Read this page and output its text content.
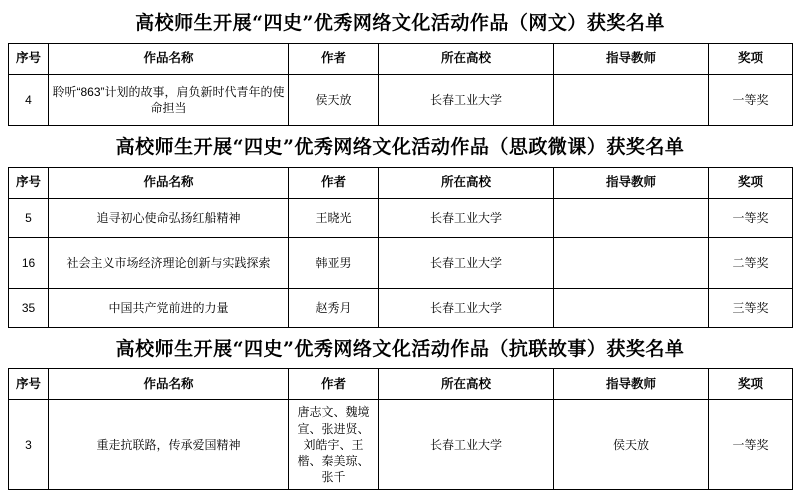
高校师生开展“四史”优秀网络文化活动作品（网文）获奖名单
序号	作品名称	作者	所在高校	指导教师	奖项
4	聆听“863”计划的故事，肩负新时代青年的使命担当	侯天放	长春工业大学		一等奖
高校师生开展“四史”优秀网络文化活动作品（思政微课）获奖名单
序号	作品名称	作者	所在高校	指导教师	奖项
5	追寻初心使命弘扬红船精神	王晓光	长春工业大学		一等奖
16	社会主义市场经济理论创新与实践探索	韩亚男	长春工业大学		二等奖
35	中国共产党前进的力量	赵秀月	长春工业大学		三等奖
高校师生开展“四史”优秀网络文化活动作品（抗联故事）获奖名单
序号	作品名称	作者	所在高校	指导教师	奖项
3	重走抗联路，传承爱国精神	唐志文、魏境宣、张进贤、刘皓宇、王楷、秦美琼、张千	长春工业大学	侯天放	一等奖
